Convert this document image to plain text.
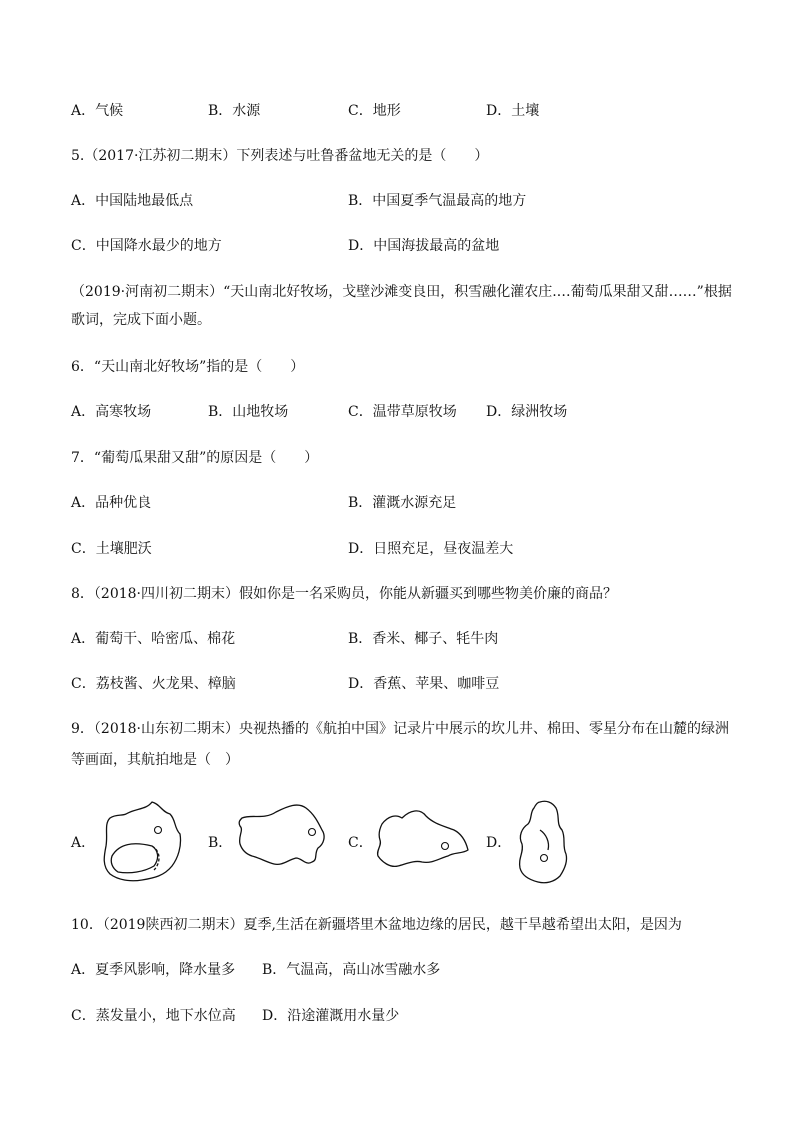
A．气候	B．水源	C．地形	D．土壤
5.（2017·江苏初二期末）下列表述与吐鲁番盆地无关的是（　　）
A．中国陆地最低点	B．中国夏季气温最高的地方
C．中国降水最少的地方	D．中国海拔最高的盆地
（2019·河南初二期末）“天山南北好牧场，戈壁沙滩变良田，积雪融化灌农庄.…葡萄瓜果甜又甜……”根据
歌词，完成下面小题。
6．“天山南北好牧场”指的是（　　）
A．高寒牧场	B．山地牧场	C．温带草原牧场 D．绿洲牧场
7．“葡萄瓜果甜又甜”的原因是（　　）
A．品种优良	B．灌溉水源充足
C．土壤肥沃	D．日照充足，昼夜温差大
8．（2018·四川初二期末）假如你是一名采购员，你能从新疆买到哪些物美价廉的商品？
A．葡萄干、哈密瓜、棉花	B．香米、椰子、牦牛肉
C．荔枝酱、火龙果、樟脑	D．香蕉、苹果、咖啡豆
9．（2018·山东初二期末）央视热播的《航拍中国》记录片中展示的坎儿井、棉田、零星分布在山麓的绿洲
等画面，其航拍地是（　）
A．	B．	C．	D．
10．（2019陕西初二期末）夏季,生活在新疆塔里木盆地边缘的居民，越干旱越希望出太阳，是因为
A．夏季风影响，降水量多 B．气温高，高山冰雪融水多
C．蒸发量小，地下水位高 D．沿途灌溉用水量少
